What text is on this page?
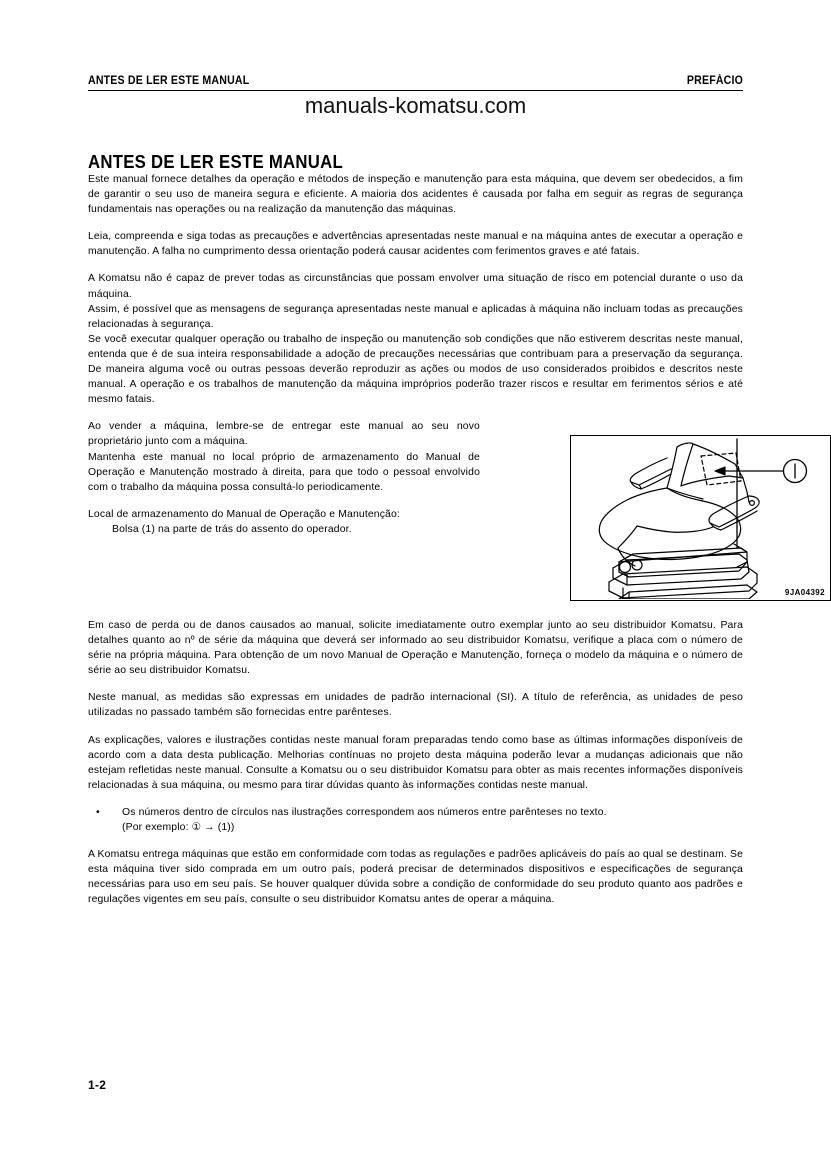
ANTES DE LER ESTE MANUAL	PREFÁCIO
manuals-komatsu.com
ANTES DE LER ESTE MANUAL

Este manual fornece detalhes da operação e métodos de inspeção e manutenção para esta máquina, que devem ser obedecidos, a fim de garantir o seu uso de maneira segura e eficiente. A maioria dos acidentes é causada por falha em seguir as regras de segurança fundamentais nas operações ou na realização da manutenção das máquinas.

Leia, compreenda e siga todas as precauções e advertências apresentadas neste manual e na máquina antes de executar a operação e manutenção. A falha no cumprimento dessa orientação poderá causar acidentes com ferimentos graves e até fatais.

A Komatsu não é capaz de prever todas as circunstâncias que possam envolver uma situação de risco em potencial durante o uso da máquina.

Assim, é possível que as mensagens de segurança apresentadas neste manual e aplicadas à máquina não incluam todas as precauções relacionadas à segurança.

Se você executar qualquer operação ou trabalho de inspeção ou manutenção sob condições que não estiverem descritas neste manual, entenda que é de sua inteira responsabilidade a adoção de precauções necessárias que contribuam para a preservação da segurança. De maneira alguma você ou outras pessoas deverão reproduzir as ações ou modos de uso considerados proibidos e descritos neste manual. A operação e os trabalhos de manutenção da máquina impróprios poderão trazer riscos e resultar em ferimentos sérios e até mesmo fatais.

Ao vender a máquina, lembre-se de entregar este manual ao seu novo proprietário junto com a máquina.

Mantenha este manual no local próprio de armazenamento do Manual de Operação e Manutenção mostrado à direita, para que todo o pessoal envolvido com o trabalho da máquina possa consultá-lo periodicamente.

Local de armazenamento do Manual de Operação e Manutenção:

Bolsa (1) na parte de trás do assento do operador.

9JA04392

Em caso de perda ou de danos causados ao manual, solicite imediatamente outro exemplar junto ao seu distribuidor Komatsu. Para detalhes quanto ao nº de série da máquina que deverá ser informado ao seu distribuidor Komatsu, verifique a placa com o número de série na própria máquina. Para obtenção de um novo Manual de Operação e Manutenção, forneça o modelo da máquina e o número de série ao seu distribuidor Komatsu.

Neste manual, as medidas são expressas em unidades de padrão internacional (SI). A título de referência, as unidades de peso utilizadas no passado também são fornecidas entre parênteses.

As explicações, valores e ilustrações contidas neste manual foram preparadas tendo como base as últimas informações disponíveis de acordo com a data desta publicação. Melhorias contínuas no projeto desta máquina poderão levar a mudanças adicionais que não estejam refletidas neste manual. Consulte a Komatsu ou o seu distribuidor Komatsu para obter as mais recentes informações disponíveis relacionadas à sua máquina, ou mesmo para tirar dúvidas quanto às informações contidas neste manual.

•	Os números dentro de círculos nas ilustrações correspondem aos números entre parênteses no texto.
(Por exemplo: ① → (1))

A Komatsu entrega máquinas que estão em conformidade com todas as regulações e padrões aplicáveis do país ao qual se destinam. Se esta máquina tiver sido comprada em um outro país, poderá precisar de determinados dispositivos e especificações de segurança necessárias para uso em seu país. Se houver qualquer dúvida sobre a condição de conformidade do seu produto quanto aos padrões e regulações vigentes em seu país, consulte o seu distribuidor Komatsu antes de operar a máquina.

1-2
